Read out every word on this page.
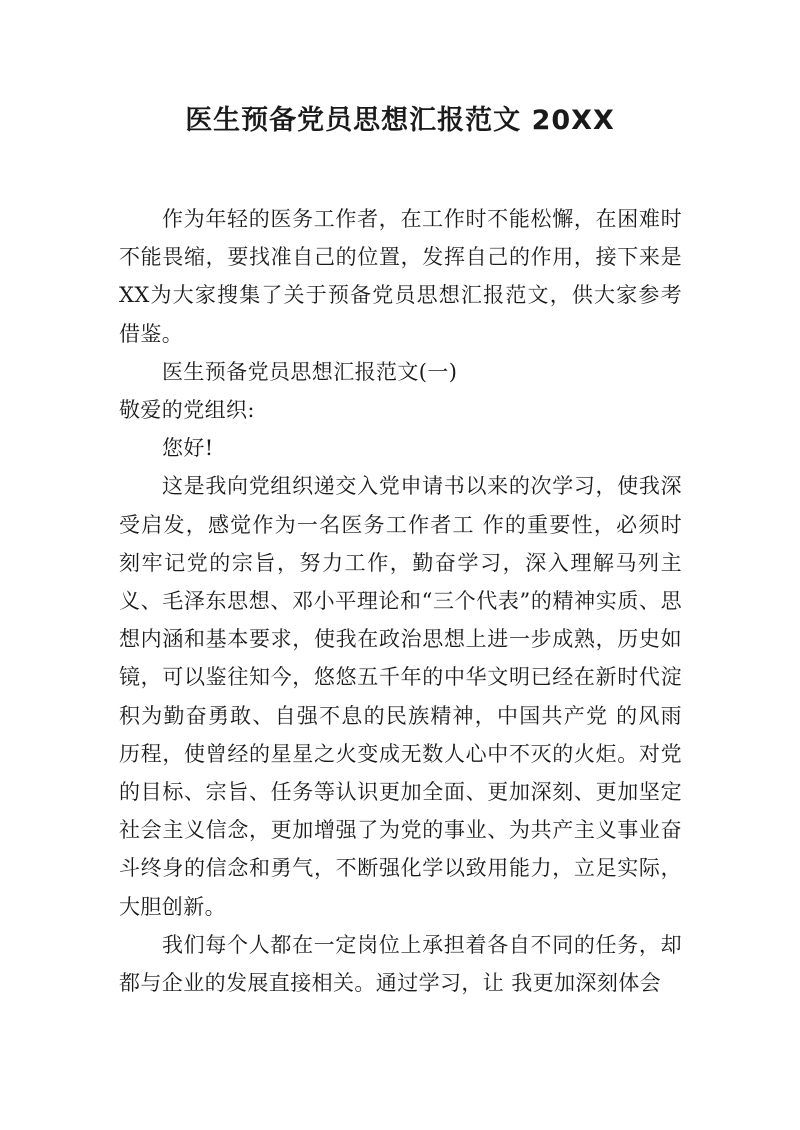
医生预备党员思想汇报范文 20XX

作为年轻的医务工作者，在工作时不能松懈，在困难时不能畏缩，要找准自己的位置，发挥自己的作用，接下来是XX为大家搜集了关于预备党员思想汇报范文，供大家参考借鉴。

医生预备党员思想汇报范文(一)

敬爱的党组织:

您好!

这是我向党组织递交入党申请书以来的次学习，使我深受启发，感觉作为一名医务工作者工 作的重要性，必须时刻牢记党的宗旨，努力工作，勤奋学习，深入理解马列主义、毛泽东思想、邓小平理论和“三个代表”的精神实质、思想内涵和基本要求，使我在政治思想上进一步成熟，历史如镜，可以鉴往知今，悠悠五千年的中华文明已经在新时代淀积为勤奋勇敢、自强不息的民族精神，中国共产党 的风雨历程，使曾经的星星之火变成无数人心中不灭的火炬。对党的目标、宗旨、任务等认识更加全面、更加深刻、更加坚定社会主义信念，更加增强了为党的事业、为共产主义事业奋斗终身的信念和勇气，不断强化学以致用能力，立足实际，大胆创新。

我们每个人都在一定岗位上承担着各自不同的任务，却都与企业的发展直接相关。通过学习，让 我更加深刻体会
